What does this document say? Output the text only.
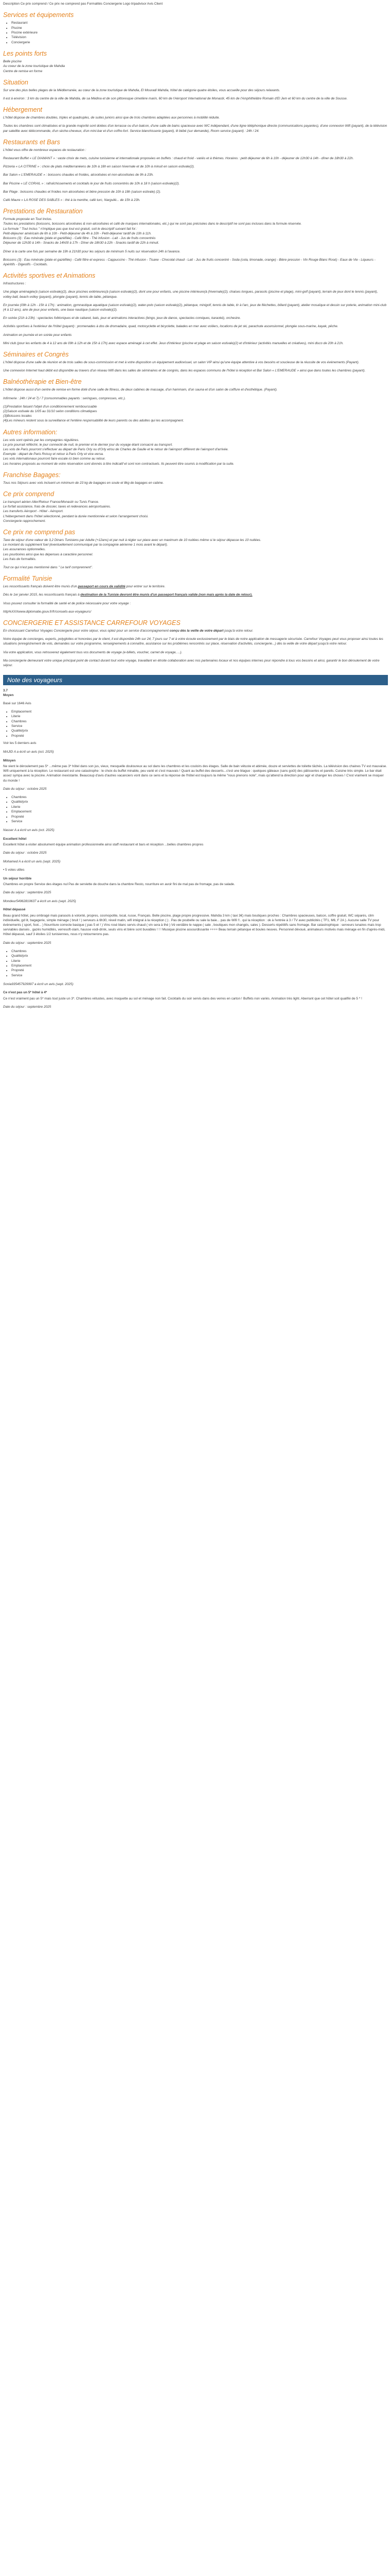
Description Ce prix comprend / Ce prix ne comprend pas Formalités Conciergerie Logo tripadvisor Avis Client

Services et équipements
• Restaurant
• Piscine
• Piscine extérieure
• Télévision
• Conciergerie
Les points forts

Belle piscine
Au coeur de la zone touristique de Mahdia
Centre de remise en forme

Situation

Sur une des plus belles plages de la Méditerranée, au cœur de la zone touristique de Mahdia, El Mouradi Mahdia, hôtel de catégorie quatre étoiles, vous accueille pour des séjours relaxants.

Il est à environ : 3 km du centre de la ville de Mahdia, de sa Médina et de son pittoresque cimetière marin, 60 km de l'Aéroport International de Monastir, 45 km de l'Amphithéâtre Romain d'El Jem et 60 km du centre de la ville de Sousse.

Hébergement

L'hôtel dispose de chambres doubles, triples et quadruples, de suites juniors ainsi que de trois chambres adaptées aux personnes à mobilité réduite.

Toutes les chambres sont climatisées et la grande majorité sont dotées d'un terrasse ou d'un balcon, d'une salle de bains spacieuse avec WC indépendant, d'une ligne téléphonique directe (communications payantes), d'une connexion Wifi (payant), de la télévision par satellite avec télécommande, d'un sèche-cheveux, d'un mini-bar et d'un coffre-fort. Service blanchisserie (payant), lit bébé (sur demande), Room service (payant) : 24h / 24.

Restaurants et Bars

L'hôtel vous offre de nombreux espaces de restauration :

Restaurant Buffet « LE DIAMANT » : vaste choix de mets, cuisine tunisienne et internationale proposées en buffets : chaud et froid - variés et à thèmes. Horaires : petit déjeuner de 6h à 10h - déjeuner de 12h30 à 14h - dîner de 18h30 à 22h.

Pizzeria « LA CITRINE » : choix de plats méditerranéens de 10h à 18h en saison hivernale et de 10h à minuit en saison estivale(2).

Bar Salon « L'EMERAUDE » : boissons chaudes et froides, alcoolisées et non-alcoolisées de 9h à 23h.

Bar Piscine « LE CORAIL » : rafraîchissements et cocktails le jour de fruits concentrés de 10h à 18 h (saison estivale)(2).

Bar Plage : boissons chaudes et froides non alcoolisées et bière pression de 10h à 18h (saison estivale) (2).

Café Maure « LA ROSE DES SABLES » : thé à la menthe, café turc, Narguilé... de 15h à 23h.

Prestations de Restauration

Formule proposée en Tout Inclus.
Toutes les prestations (boissons, boissons alcoolisées & non-alcoolisées et café de marques internationales, etc.) qui ne sont pas précisées dans le descriptif ne sont pas incluses dans la formule réservée.
La formule " Tout Inclus " n'implique pas que tout est gratuit, soit le descriptif suivant fait foi :
Petit-déjeuner américain de 6h à 10h - Petit-déjeuner de 4h à 10h - Petit-déjeuner tardif de 10h à 11h.
Boissons (3) : Eau minérale (plate et gazéifiée) - Café filtre - Thé infusion - Lait - Jus de fruits concentrés
Déjeuner de 12h30 à 14h - Snacks de 14h00 à 17h - Dîner de 18h30 à 22h - Snacks tardif de 22h à minuit.

Dîner à la carte une fois par semaine de 19h à 21h30 pour les séjours de minimum 5 nuits sur réservation 24h à l'avance.

Boissons (3) : Eau minérale (plate et gazéifiée) - Café filtre et express - Cappuccino - Thé infusion - Tisane - Chocolat chaud - Lait - Jus de fruits concentré - Soda (cola, limonade, orange) - Bière pression - Vin Rouge Blanc Rosé) - Eaux de Vie - Liqueurs - Apéritifs - Digestifs - Cocktails.

Activités sportives et Animations

Infrastructures :

Une plage aménagée(à (saison estivale)(2), deux piscines extérieures(à (saison estivale)(2), dont une pour enfants, une piscine intérieure(à (hivernale)(2), chaises longues, parasols (piscine et plage), mini-golf (payant), terrain de jeux dont le tennis (payant), volley-ball, beach-volley (payant), plongée (payant), tennis de table, pétanque.

En journée (09h à 12h - 15h à 17h) : animation, gymnastique aquatique (saison estivale)(2), water-polo (saison estivale)(2), pétanque, minigolf, tennis de table, tir à l'arc, jeux de fléchettes, billard (payant), atelier mosaïque et dessin sur poterie, animation mini-club (4 à 12 ans), aire de jeux pour enfants, une base nautique (saison estivale)(2).

En soirée (21h à 23h) : spectacles folkloriques et de cabaret, bals, jeux et animations interactives (bingo, jeux de dance, spectacles comiques, karaoké), orchestre.

Activités sportives à l'extérieur de l'hôtel (payant) : promenades à dos de dromadaire, quad, motocyclette et bicyclette, balades en mer avec voiliers, locations de jet ski, parachute ascensionnel, plongée sous-marine, kayak, pêche.

Animation en journée et en soirée pour enfants

Mini club (pour les enfants de 4 à 12 ans de 09h à 12h et de 15h à 17h) avec espace aménagé à cet effet. Jeux d'intérieur (piscine et plage en saison estivale)(2) et d'intérieur (activités manuelles et créatives), mini disco de 20h à 21h.

Séminaires et Congrès

L'hôtel dispose d'une salle de réunion et de trois salles de sous-commission et met à votre disposition un équipement audiovisuel, un salon VIP ainsi qu'une équipe attentive à vos besoins et soucieuse de la réussite de vos événements (Payant).

Une connexion Internet haut débit est disponible au travers d'un réseau Wifi dans les salles de séminaires et de congrès, dans les espaces communs de l'hôtel à réception et Bar Salon « L'EMERAUDE » ainsi que dans toutes les chambres (payant).

Balnéothérapie et Bien-être

L'hôtel dispose aussi d'un centre de remise en forme doté d'une salle de fitness, de deux cabines de massage, d'un hammam, d'un sauna et d'un salon de coiffure et d'esthétique. (Payant).

Infirmerie : 24h / 24 et 7j / 7 (consommables payants : seringues, compresses, etc.).

(1)Prestation faisant l'objet d'un conditionnement rembourssable
(2)Saison estivale du 1/05 au 31/10 selon conditions climatiques
(3)Boissons locales
(4)Les mineurs restent sous la surveillance et l'entière responsabilité de leurs parents ou des adultes qui les accompagnent.

Autres information:

Les vols sont opérés par les compagnies régulières.
Le prix pourrait réfléchir, le jour connecté de nuit, le premier et le dernier jour du voyage étant consacré au transport.
Les vols de Paris pourront s'effectuer au départ de Paris Orly ou d'Orly et/ou de Charles de Gaulle et le retour de l'aéroport différent de l'aéroport d'arrivée.
Exemple : départ de Paris Roissy et retour à Paris Orly et vice-versa.
Les vols internationaux pourront faire escale ici bien comme au retour.
Les horaires proposés au moment de votre réservation sont donnés à titre indicatif et sont non contractuels. Ils peuvent être soumis à modification par la suite.

Franchise Bagages:

Tous nos Séjours avec vols incluent un minimum de 23 kg de bagages en soute et 8kg de bagages en cabine.

Ce prix comprend

Le transport aérien Aller/Retour France/Monastir ou Tunis France.
Le forfait assistance, frais de dossier, taxes et redevances aéroportuaires.
Les transferts Aéroport - Hôtel - Aéroport.
L'hébergement dans l'hôtel sélectionné, pendant la durée mentionnée et selon l'arrangement choisi.
Conciergerie rapprochement.

Ce prix ne comprend pas

Taxe de séjour d'une valeur de 3,2 Dinars Tunisiens par Adulte (+12ans) et par nuit à régler sur place avec un maximum de 10 nuitées même si le séjour dépasse les 10 nuitées.
Le montant du supplément fuel (éventuellement communiqué par la compagnie aérienne 1 mois avant le départ).
Les assurances optionnelles.
Les pourboires ainsi que les dépenses à caractère personnel.
Les frais de formalités.

Tout ce qui n'est pas mentionné dans " Le tarif comprennent".

Formalité Tunisie

Les ressortissants français doivent être munis d'un passeport en cours de validité pour entrer sur le territoire.

Dès le 1er janvier 2015, les ressortissants français à destination de la Tunisie devront être munis d'un passeport français valide (non mais après la date de retour).

Vous pouvez consulter la formalité de santé et de police nécessaire pour votre voyage :

http%XXXwww.diplomatie.gouv.fr/fr/conseils-aux-voyageurs/

CONCIERGERIE ET ASSISTANCE CARREFOUR VOYAGES

En choisissant Carrefour Voyages Conciergerie pour votre séjour, vous optez pour un service d'accompagnement conçu dès la veille de votre départ jusqu'à votre retour.

Notre équipe de concierges, experts, polyglottes et honorées par le client, il est disponible 24h sur 24, 7 jours sur 7 et à votre écoute exclusivement par le biais de notre application de messagerie sécurisée. Carrefour Voyages peut vous proposer ainsi toutes les situations (enregistrement de vols, demandes sur votre programme, renseignements à connaître, assistance sur les problèmes rencontrés sur place, réservation d'activités, conciergerie...) dès la veille de votre départ jusqu'à votre retour.

Via votre application, vous retrouverez également tous vos documents de voyage (e-billets, voucher, carnet de voyage, ...).

Ma conciergerie demeurant votre unique principal point de contact durant tout votre voyage, travaillant en étroite collaboration avec nos partenaires locaux et nos équipes internes pour répondre à tous vos besoins et ainsi, garantir le bon déroulement de votre séjour.

Note des voyageurs

3.7

Moyen

Basé sur 1646 Avis

• Emplacement
• Literie
• Chambres
• Service
• Qualité/prix
• Propreté

Voir les 5 derniers avis

MAJID A a écrit un avis (oct. 2025)

Mitoyen

Ne vient le déroulement pas 5* ...même pas 3* hôtel dans son jus, vieux, mesquelle douloureux au sol dans les chambres et les couloirs des étages. Salle de bain vétuste et abimée, douze et serviettes de toilette tâchés. La télévision des chaines TV est mauvaise. Wifi uniquement à la réception. Le restaurant est une catastrophe : le choix du buffet minable, peu varié et c'est mauvais ! Quant au buffet des desserts...c'est une blague : quelques gâteaux (sans goût) des pâtisseries et pareils. Cuisine très simple. Le bar était assez sympa avec la piscine. Animation inexistante. Beaucoup d'avis d'autres vacanciers vont dans ce sens et la réponse de l'hôtel est toujours la même "nous prenons note", mais qu'attend la direction pour agir et changer les choses ! C'est vraiment se moquer du monde !

Date du séjour : octobre 2025

• Chambres
• Qualité/prix
• Literie
• Emplacement
• Propreté
• Service

Nasser A a écrit un avis (oct. 2025)

Excellent hôtel

Excellent hôtel a visiter absolument équipe animation professionnelle ainsi staff restaurant et bars et réception ...belles chambres propres

Date du séjour : octobre 2025

Mohamed A a écrit un avis (sept. 2025)

• 5 votes utiles

Un séjour horrible

Chambres en propre Service des étages nul Pas de serviette de douche dans la chambre Resto, nourriture en avoir fini de mal pas de fromage, pas de salade.

Date du séjour : septembre 2025

Mondeur54962819637 a écrit un avis (sept. 2025)

Hôtel dépassé

Beau grand hôtel, peu ombragé mais parasols à volonté, propres, cosmopolite, local, russe, Français. Belle piscine, plage propre progressive. Mahdia 3 km ( taxi 3€) mais boutiques proches : Chambres spacieuses, balcon, coffre gratuit, WC séparés, clim individuelle, gd lit, bagagerie, simple ménage ( bruit ! ) serveurs à 6h30, réveil matin, wifi intégral à la réception ( ) . Pas de poubelle ou sale la baie... pas de Wifi !!.. qui la réception : ok à l'entrée à 3 / TV avec publicités ( TF1, M6, F 2A ). Aucune salle TV pour évènements ( sport, foot... ) Nourriture correcte basique ( pas 5 et ! ) Vins rosé blanc servis chaud ( vin sera à thé ) Vé verdâtre le nappe ( sale , boutiques mon changés, sales ). Desserts répétitifs sans fromage. Bar catastrophique : serveurs lunaires mais trop serviables dansés , gazés humidités, verresoft-slam, hausse vodi-drink, seuls vins et bière sont buvables ! ! ! Musique piscine assourdissante ++++ Beau terrain pétanque et boules neuves. Personnel dévoué, animateurs motivés mais ménage en fin d'après-midi, Hôtel dépassé, sauf 3 étoiles 1/2 tunisiennes, nous n'y retournerons pas.

Date du séjour : septembre 2025

• Chambres
• Qualité/prix
• Literie
• Emplacement
• Propreté
• Service

Sonia935457929997 a écrit un avis (sept. 2025)

Ce n'est pas un 5* hôtel à 4*

Ce n'est vraiment pas un 5* mais tout juste un 3*. Chambres vétustes, avec moquette au sol et ménage non fait. Cocktails du soir servis dans des verres en carton ! Buffets non variés. Animation très light. Aberrant que cet hôtel soit qualifié de 5 * !

Date du séjour : septembre 2025
